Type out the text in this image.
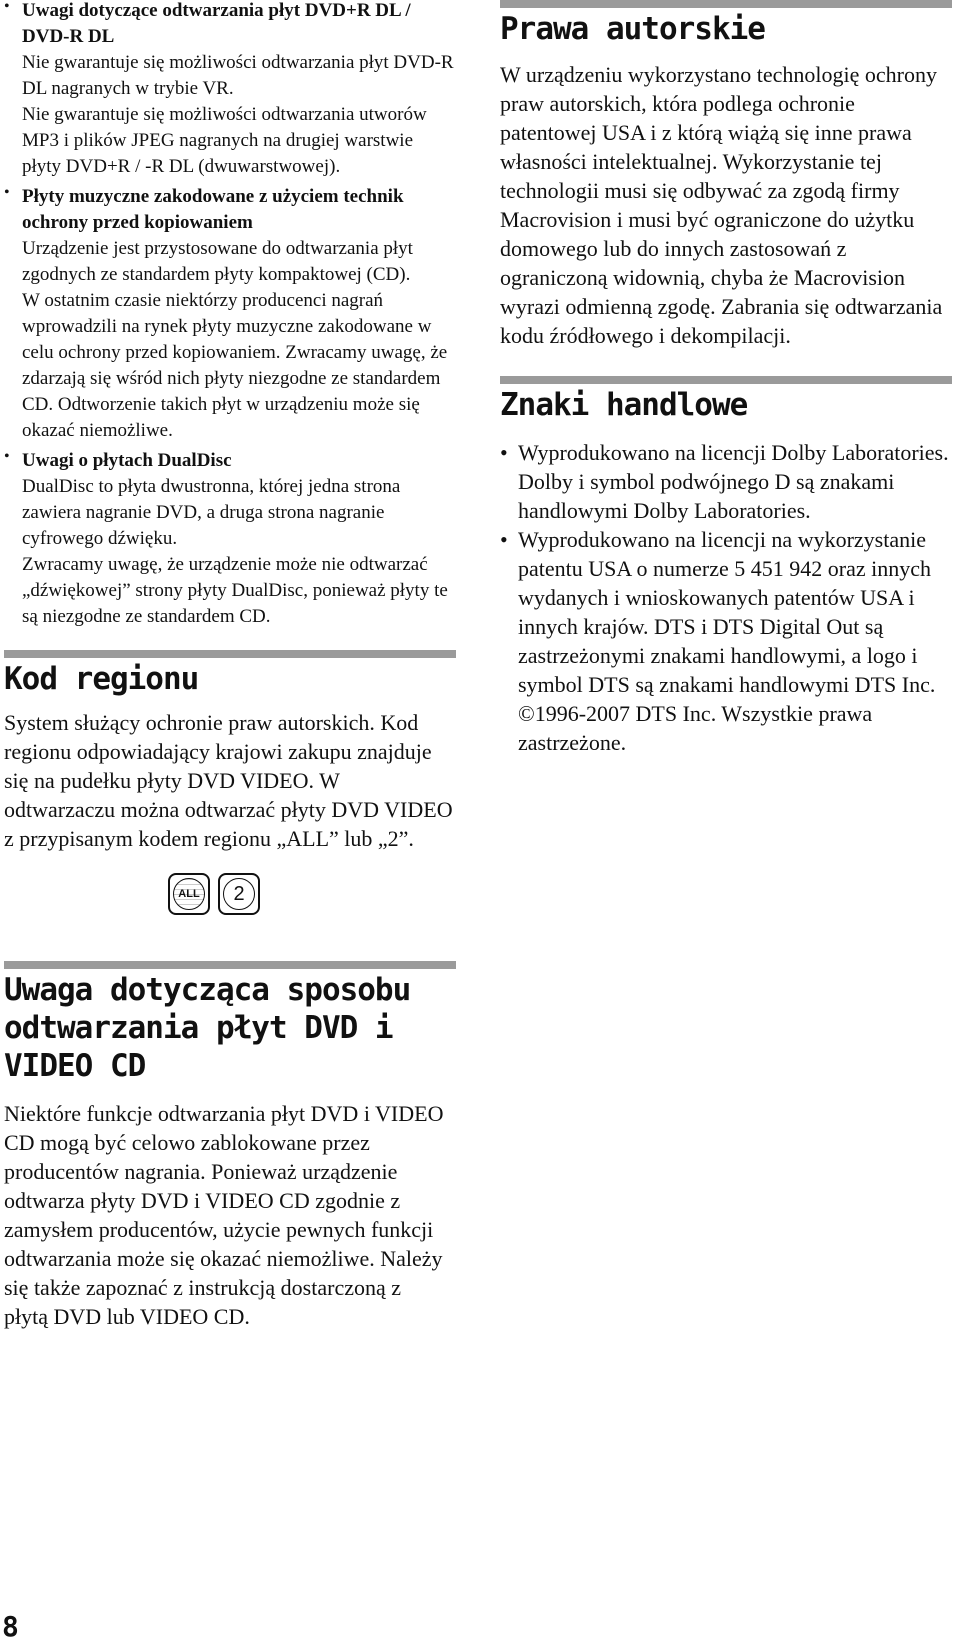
• Uwagi dotyczące odtwarzania płyt DVD+R DL / DVD-R DL

Nie gwarantuje się możliwości odtwarzania płyt DVD-R DL nagranych w trybie VR.

Nie gwarantuje się możliwości odtwarzania utworów MP3 i plików JPEG nagranych na drugiej warstwie płyty DVD+R / -R DL (dwuwarstwowej).

• Płyty muzyczne zakodowane z użyciem technik ochrony przed kopiowaniem

Urządzenie jest przystosowane do odtwarzania płyt zgodnych ze standardem płyty kompaktowej (CD).

W ostatnim czasie niektórzy producenci nagrań wprowadzili na rynek płyty muzyczne zakodowane w celu ochrony przed kopiowaniem. Zwracamy uwagę, że zdarzają się wśród nich płyty niezgodne ze standardem CD. Odtworzenie takich płyt w urządzeniu może się okazać niemożliwe.

• Uwagi o płytach DualDisc

DualDisc to płyta dwustronna, której jedna strona zawiera nagranie DVD, a druga strona nagranie cyfrowego dźwięku.

Zwracamy uwagę, że urządzenie może nie odtwarzać „dźwiękowej” strony płyty DualDisc, ponieważ płyty te są niezgodne ze standardem CD.

Kod regionu

System służący ochronie praw autorskich. Kod regionu odpowiadający krajowi zakupu znajduje się na pudełku płyty DVD VIDEO. W odtwarzaczu można odtwarzać płyty DVD VIDEO z przypisanym kodem regionu „ALL” lub „2”.

ALL	2
Uwaga dotycząca sposobu odtwarzania płyt DVD i VIDEO CD

Niektóre funkcje odtwarzania płyt DVD i VIDEO CD mogą być celowo zablokowane przez producentów nagrania. Ponieważ urządzenie odtwarza płyty DVD i VIDEO CD zgodnie z zamysłem producentów, użycie pewnych funkcji odtwarzania może się okazać niemożliwe. Należy się także zapoznać z instrukcją dostarczoną z płytą DVD lub VIDEO CD.

Prawa autorskie

W urządzeniu wykorzystano technologię ochrony praw autorskich, która podlega ochronie patentowej USA i z którą wiążą się inne prawa własności intelektualnej. Wykorzystanie tej technologii musi się odbywać za zgodą firmy Macrovision i musi być ograniczone do użytku domowego lub do innych zastosowań z ograniczoną widownią, chyba że Macrovision wyrazi odmienną zgodę. Zabrania się odtwarzania kodu źródłowego i dekompilacji.

Znaki handlowe

• Wyprodukowano na licencji Dolby Laboratories.

Dolby i symbol podwójnego D są znakami handlowymi Dolby Laboratories.

• Wyprodukowano na licencji na wykorzystanie patentu USA o numerze 5 451 942 oraz innych wydanych i wnioskowanych patentów USA i innych krajów. DTS i DTS Digital Out są zastrzeżonymi znakami handlowymi, a logo i symbol DTS są znakami handlowymi DTS Inc. ©1996-2007 DTS Inc. Wszystkie prawa zastrzeżone.

8
